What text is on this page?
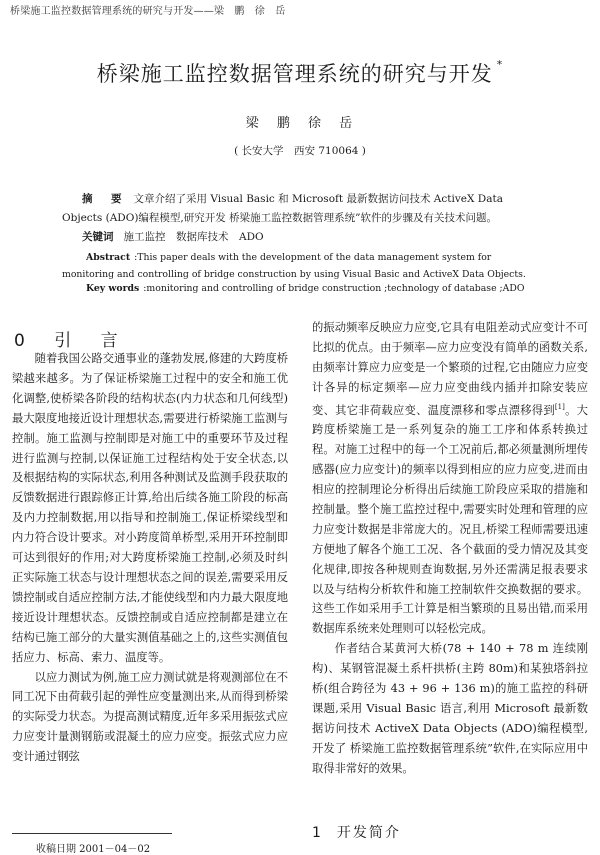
桥梁施工监控数据管理系统的研究与开发——梁　鹏　徐　岳
桥梁施工监控数据管理系统的研究与开发 *
梁 鹏 徐 岳
( 长安大学　西安 710064 )
摘　要 文章介绍了采用 Visual Basic 和 Microsoft 最新数据访问技术 ActiveX Data Objects (ADO)编程模型,研究开发 桥梁施工监控数据管理系统”软件的步骤及有关技术问题。
关键词 施工监控　数据库技术　ADO
Abstract :This paper deals with the development of the data management system for monitoring and controlling of bridge construction by using Visual Basic and ActiveX Data Objects.
Key words :monitoring and controlling of bridge construction ;technology of database ;ADO
0 引 言

随着我国公路交通事业的蓬勃发展,修建的大跨度桥梁越来越多。为了保证桥梁施工过程中的安全和施工优化调整,使桥梁各阶段的结构状态(内力状态和几何线型)最大限度地接近设计理想状态,需要进行桥梁施工监测与控制。施工监测与控制即是对施工中的重要环节及过程进行监测与控制,以保证施工过程结构处于安全状态,以及根据结构的实际状态,利用各种测试及监测手段获取的反馈数据进行跟踪修正计算,给出后续各施工阶段的标高及内力控制数据,用以指导和控制施工,保证桥梁线型和内力符合设计要求。对小跨度简单桥型,采用开环控制即可达到很好的作用;对大跨度桥梁施工控制,必须及时纠正实际施工状态与设计理想状态之间的误差,需要采用反馈控制或自适应控制方法,才能使线型和内力最大限度地接近设计理想状态。反馈控制或自适应控制都是建立在结构已施工部分的大量实测值基础之上的,这些实测值包括应力、标高、索力、温度等。

以应力测试为例,施工应力测试就是将观测部位在不同工况下由荷载引起的弹性应变量测出来,从而得到桥梁的实际受力状态。为提高测试精度,近年多采用振弦式应力应变计量测钢筋或混凝土的应力应变。振弦式应力应变计通过钢弦

的振动频率反映应力应变,它具有电阻差动式应变计不可比拟的优点。由于频率—应力应变没有简单的函数关系,由频率计算应力应变是一个繁琐的过程,它由随应力应变计各异的标定频率—应力应变曲线内插并扣除安装应变、其它非荷载应变、温度漂移和零点漂移得到[1]。大跨度桥梁施工是一系列复杂的施工工序和体系转换过程。对施工过程中的每一个工况前后,都必须量测所埋传感器(应力应变计)的频率以得到相应的应力应变,进而由相应的控制理论分析得出后续施工阶段应采取的措施和控制量。整个施工监控过程中,需要实时处理和管理的应力应变计数据是非常庞大的。况且,桥梁工程师需要迅速方便地了解各个施工工况、各个截面的受力情况及其变化规律,即按各种规则查询数据,另外还需满足报表要求以及与结构分析软件和施工控制软件交换数据的要求。这些工作如采用手工计算是相当繁琐的且易出错,而采用数据库系统来处理则可以轻松完成。

作者结合某黄河大桥(78 + 140 + 78 m 连续刚构)、某钢管混凝土系杆拱桥(主跨 80m)和某独塔斜拉桥(组合跨径为 43 + 96 + 136 m)的施工监控的科研课题,采用 Visual Basic 语言,利用 Microsoft 最新数据访问技术 ActiveX Data Objects (ADO)编程模型,开发了 桥梁施工监控数据管理系统”软件,在实际应用中取得非常好的效果。

1 开发简介
收稿日期 2001－04－02
